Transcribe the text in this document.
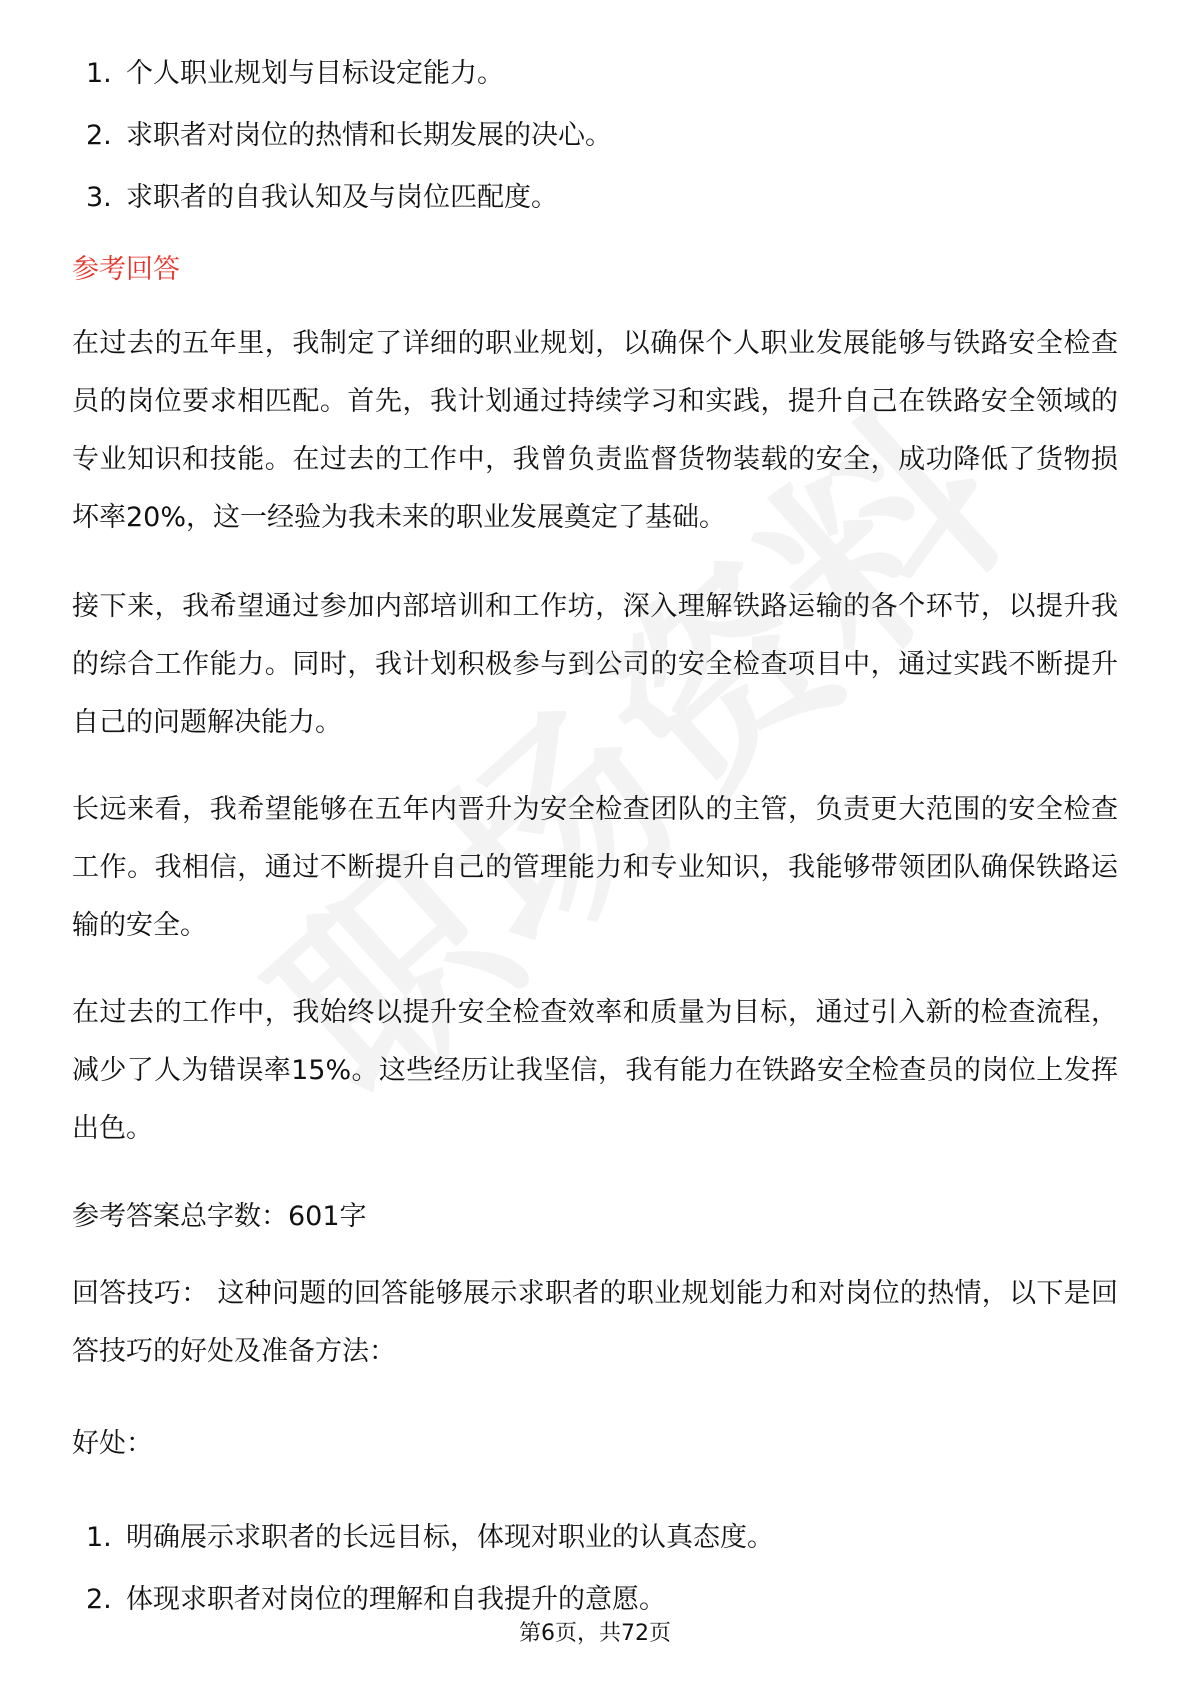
1. 个人职业规划与目标设定能力。
2. 求职者对岗位的热情和长期发展的决心。
3. 求职者的自我认知及与岗位匹配度。
参考回答

在过去的五年里，我制定了详细的职业规划，以确保个人职业发展能够与铁路安全检查员的岗位要求相匹配。首先，我计划通过持续学习和实践，提升自己在铁路安全领域的专业知识和技能。在过去的工作中，我曾负责监督货物装载的安全，成功降低了货物损坏率20%，这一经验为我未来的职业发展奠定了基础。

接下来，我希望通过参加内部培训和工作坊，深入理解铁路运输的各个环节，以提升我的综合工作能力。同时，我计划积极参与到公司的安全检查项目中，通过实践不断提升自己的问题解决能力。

长远来看，我希望能够在五年内晋升为安全检查团队的主管，负责更大范围的安全检查工作。我相信，通过不断提升自己的管理能力和专业知识，我能够带领团队确保铁路运输的安全。

在过去的工作中，我始终以提升安全检查效率和质量为目标，通过引入新的检查流程，减少了人为错误率15%。这些经历让我坚信，我有能力在铁路安全检查员的岗位上发挥出色。

参考答案总字数：601字

回答技巧： 这种问题的回答能够展示求职者的职业规划能力和对岗位的热情，以下是回答技巧的好处及准备方法：

好处：

1. 明确展示求职者的长远目标，体现对职业的认真态度。
2. 体现求职者对岗位的理解和自我提升的意愿。
第6页，共72页
